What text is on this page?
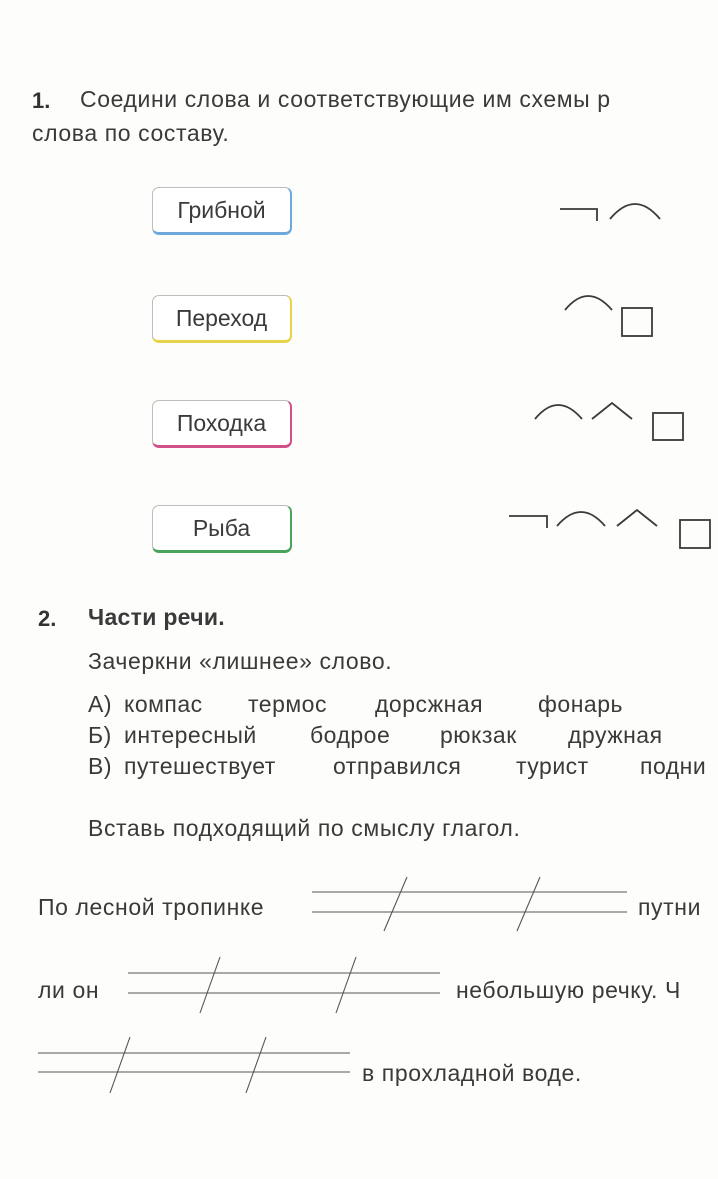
1. Соедини слова и соответствующие им схемы р
слова по составу.
Грибной
Переход
Походка
Рыба
2. Части речи.
Зачеркни «лишнее» слово.
А) компас термос дорсжная фонарь
Б) интересный бодрое рюкзак дружная
В) путешествует отправился турист подни
Вставь подходящий по смыслу глагол.
По лесной тропинке	путни
ли он	небольшую речку. Ч
в прохладной воде.
